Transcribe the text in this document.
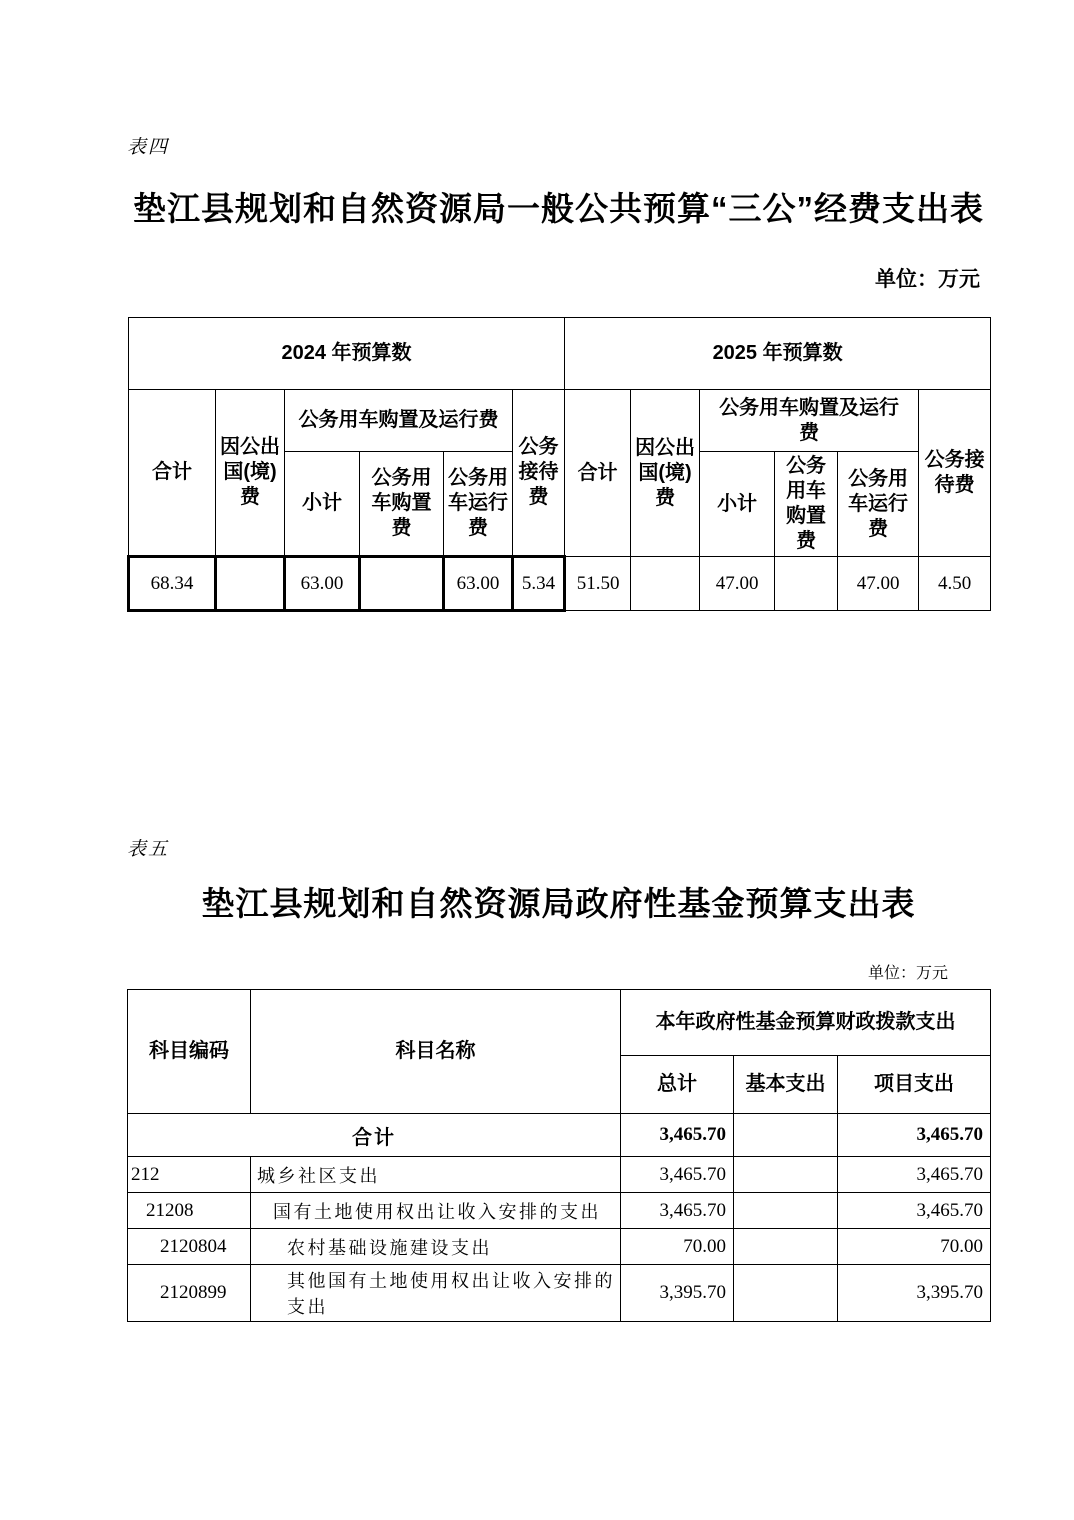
表四
垫江县规划和自然资源局一般公共预算“三公”经费支出表
单位：万元
2024 年预算数						2025 年预算数					
合计	因公出国(境)费	公务用车购置及运行费			公务接待费	合计	因公出国(境)费	公务用车购置及运行费			公务接待费
		小计	公务用车购置费	公务用车运行费				小计	公务用车购置费	公务用车运行费	
68.34		63.00		63.00	5.34	51.50		47.00		47.00	4.50
表五
垫江县规划和自然资源局政府性基金预算支出表
单位：万元
科目编码	科目名称	本年政府性基金预算财政拨款支出		
		总计	基本支出	项目支出
合计		3,465.70		3,465.70
212	城乡社区支出	3,465.70		3,465.70
21208	国有土地使用权出让收入安排的支出	3,465.70		3,465.70
2120804	农村基础设施建设支出	70.00		70.00
2120899	其他国有土地使用权出让收入安排的支出	3,395.70		3,395.70
